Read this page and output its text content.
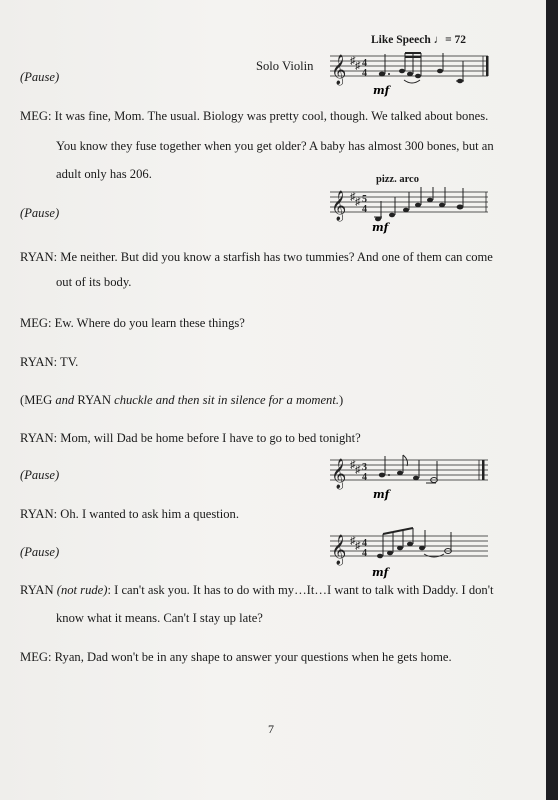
Like Speech ♩= 72
Solo Violin 𝄞 ♯ ♯ 4
4
mf
(Pause)
MEG: It was fine, Mom. The usual. Biology was pretty cool, though. We talked about bones.
You know they fuse together when you get older? A baby has almost 300 bones, but an
adult only has 206.	pizz. arco
𝄞 ♯ ♯ 5
4
mf
(Pause)
RYAN: Me neither. But did you know a starfish has two tummies? And one of them can come
out of its body.
MEG: Ew. Where do you learn these things?
RYAN: TV.
(MEG and RYAN chuckle and then sit in silence for a moment.)
RYAN: Mom, will Dad be home before I have to go to bed tonight?
𝄞 ♯ ♯ 3
4
mf
(Pause)
RYAN: Oh. I wanted to ask him a question.
𝄞 ♯ ♯ 4
4
mf
(Pause)
RYAN (not rude): I can't ask you. It has to do with my…It…I want to talk with Daddy. I don't
know what it means. Can't I stay up late?
MEG: Ryan, Dad won't be in any shape to answer your questions when he gets home.
7
